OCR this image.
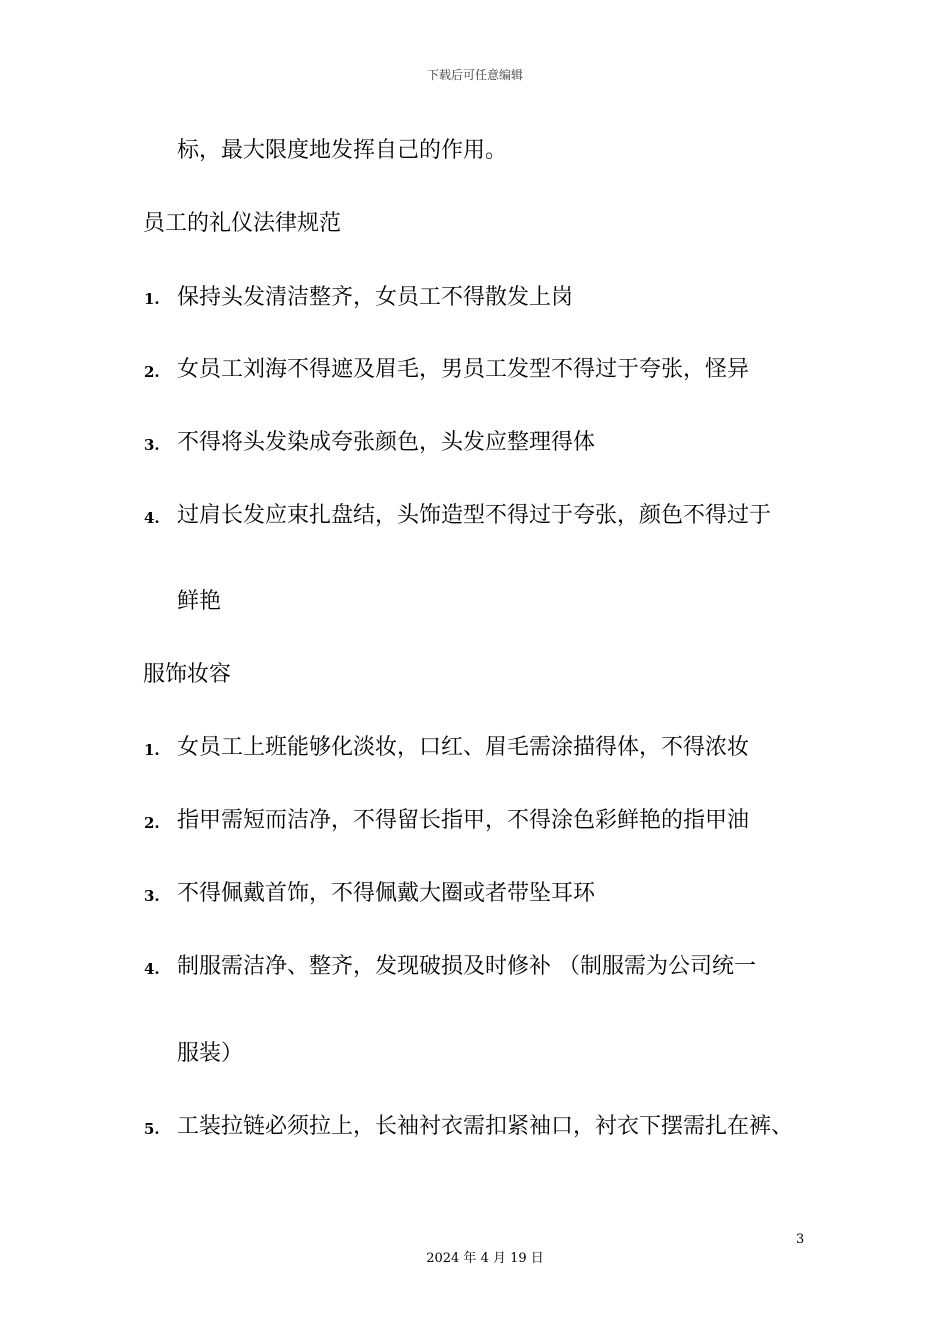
下载后可任意编辑
标，最大限度地发挥自己的作用。
员工的礼仪法律规范
1. 保持头发清洁整齐，女员工不得散发上岗
2. 女员工刘海不得遮及眉毛，男员工发型不得过于夸张，怪异
3. 不得将头发染成夸张颜色，头发应整理得体
4. 过肩长发应束扎盘结，头饰造型不得过于夸张，颜色不得过于
鲜艳
服饰妆容
1. 女员工上班能够化淡妆，口红、眉毛需涂描得体，不得浓妆
2. 指甲需短而洁净，不得留长指甲，不得涂色彩鲜艳的指甲油
3. 不得佩戴首饰，不得佩戴大圈或者带坠耳环
4. 制服需洁净、整齐，发现破损及时修补 （制服需为公司统一
服装）
5. 工装拉链必须拉上，长袖衬衣需扣紧袖口，衬衣下摆需扎在裤、
3
2024 年 4 月 19 日
